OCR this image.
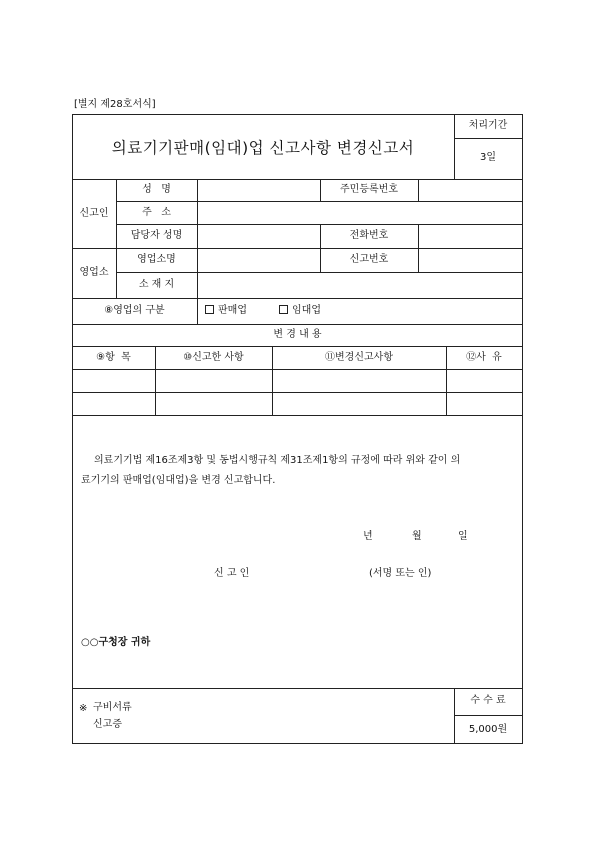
[별지 제28호서식]
의료기기판매(임대)업 신고사항 변경신고서
처리기간
3일
신고인
성   명	주민등록번호
주   소
담당자 성명	전화번호
영업소
영업소명	신고번호
소 재 지
⑧영업의 구분	판매업	임대업
변 경 내 용
⑨항  목	⑩신고한 사항	⑪변경신고사항	⑫사  유
의료기기법 제16조제3항 및 동법시행규칙 제31조제1항의 규정에 따라 위와 같이 의
료기기의 판매업(임대업)을 변경 신고합니다.
년	월	일
신 고 인	(서명 또는 인)
○○구청장 귀하
※ 구비서류
신고증
수 수 료
5,000원
